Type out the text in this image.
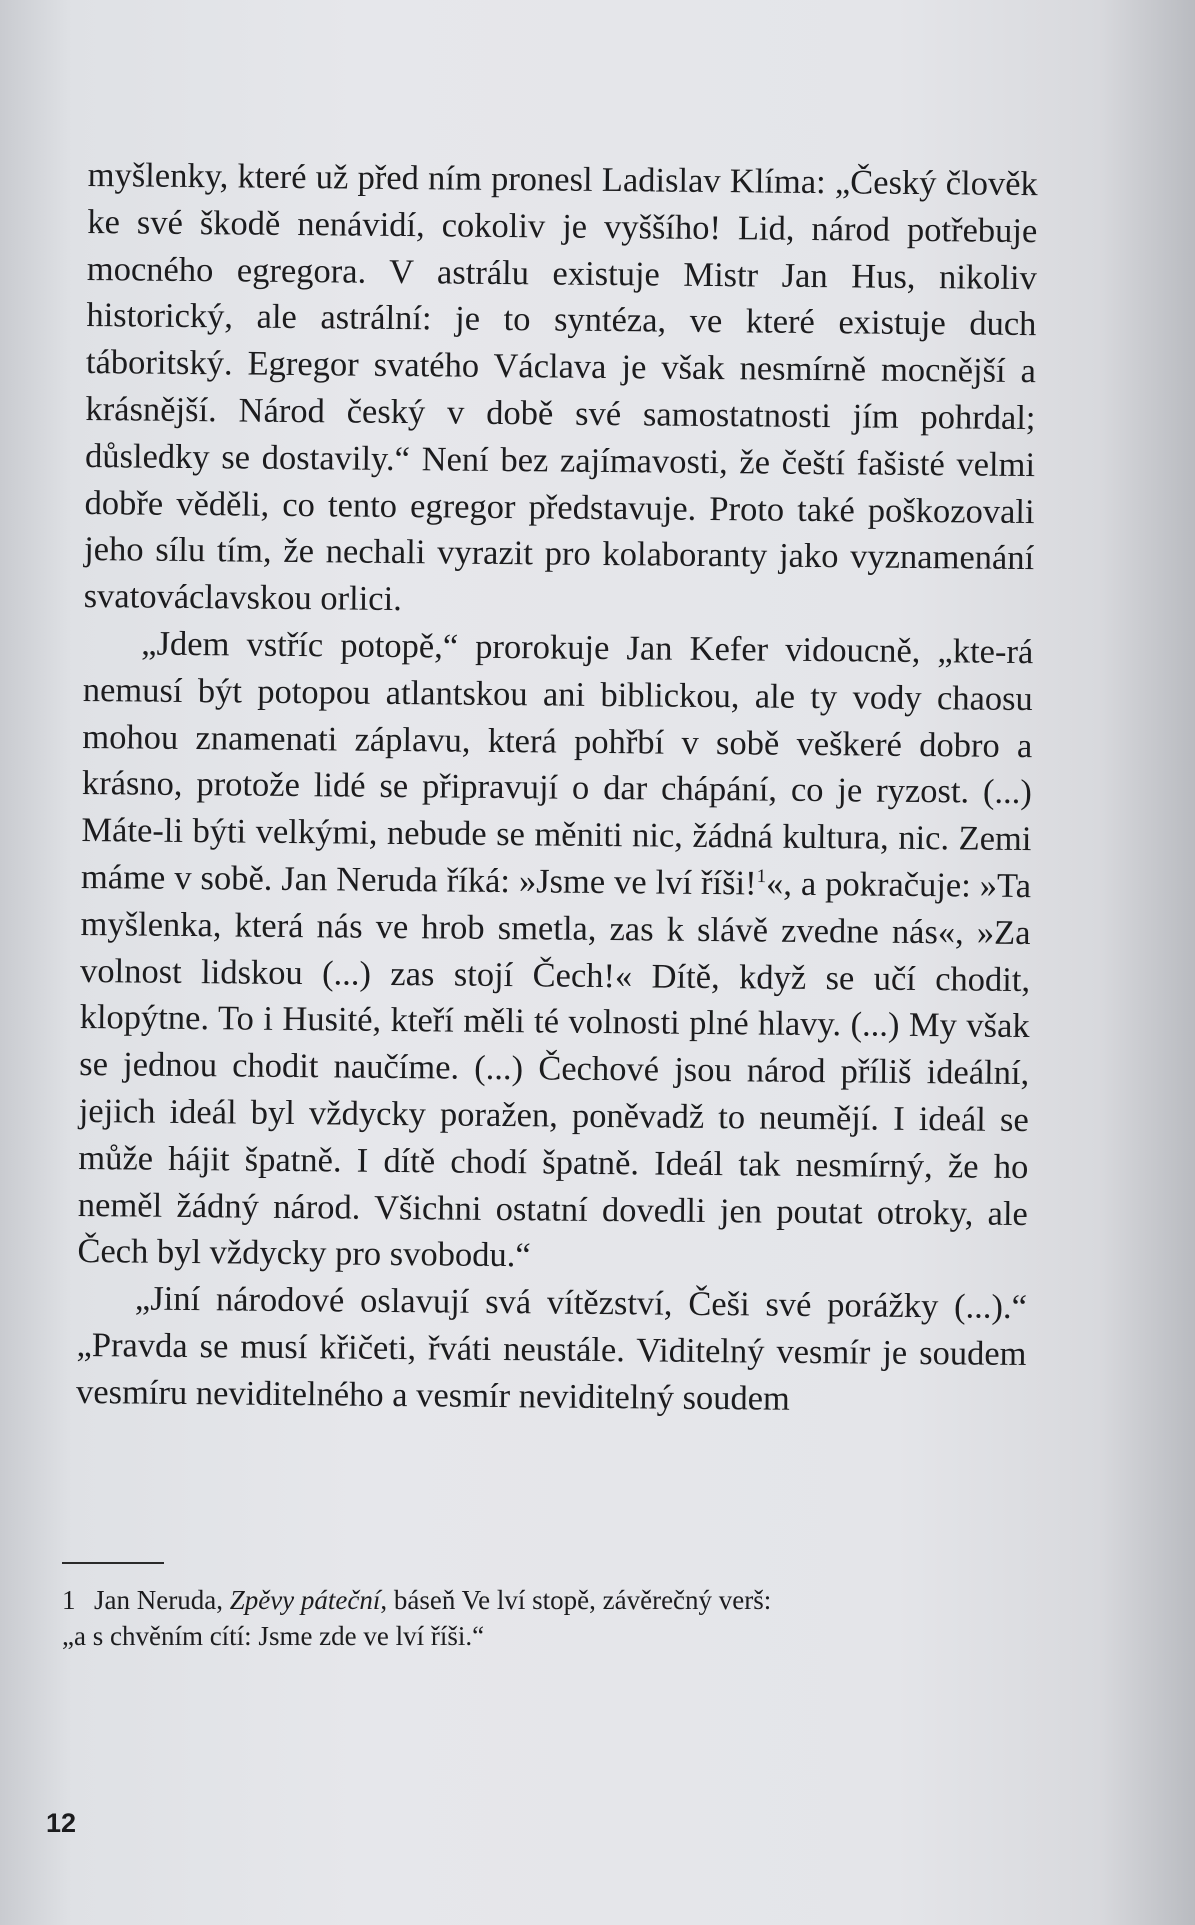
myšlenky, které už před ním pronesl Ladislav Klíma: „Český člověk ke své škodě nenávidí, cokoliv je vyššího! Lid, národ potřebuje mocného egregora. V astrálu existuje Mistr Jan Hus, nikoliv historický, ale astrální: je to syntéza, ve které existuje duch táboritský. Egregor svatého Václava je však nesmírně mocnější a krásnější. Národ český v době své samostatnosti jím pohrdal; důsledky se dostavily.“ Není bez zajímavosti, že čeští fašisté velmi dobře věděli, co tento egregor představuje. Proto také poškozovali jeho sílu tím, že nechali vyrazit pro kolaboranty jako vyznamenání svatováclavskou orlici.

„Jdem vstříc potopě,“ prorokuje Jan Kefer vidoucně, „kte-rá nemusí být potopou atlantskou ani biblickou, ale ty vody chaosu mohou znamenati záplavu, která pohřbí v sobě veškeré dobro a krásno, protože lidé se připravují o dar chápání, co je ryzost. (...) Máte-li býti velkými, nebude se měniti nic, žádná kultura, nic. Zemi máme v sobě. Jan Neruda říká: »Jsme ve lví říši!$^1$«, a pokračuje: »Ta myšlenka, která nás ve hrob smetla, zas k slávě zvedne nás«, »Za volnost lidskou (...) zas stojí Čech!« Dítě, když se učí chodit, klopýtne. To i Husité, kteří měli té volnosti plné hlavy. (...) My však se jednou chodit naučíme. (...) Čechové jsou národ příliš ideální, jejich ideál byl vždycky poražen, poněvadž to neumějí. I ideál se může hájit špatně. I dítě chodí špatně. Ideál tak nesmírný, že ho neměl žádný národ. Všichni ostatní dovedli jen poutat otroky, ale Čech byl vždycky pro svobodu.“

„Jiní národové oslavují svá vítězství, Češi své porážky (...).“ „Pravda se musí křičeti, řváti neustále. Viditelný vesmír je soudem vesmíru neviditelného a vesmír neviditelný soudem

1 Jan Neruda, Zpěvy páteční, báseň Ve lví stopě, závěrečný verš:
„a s chvěním cítí: Jsme zde ve lví říši.“
12
